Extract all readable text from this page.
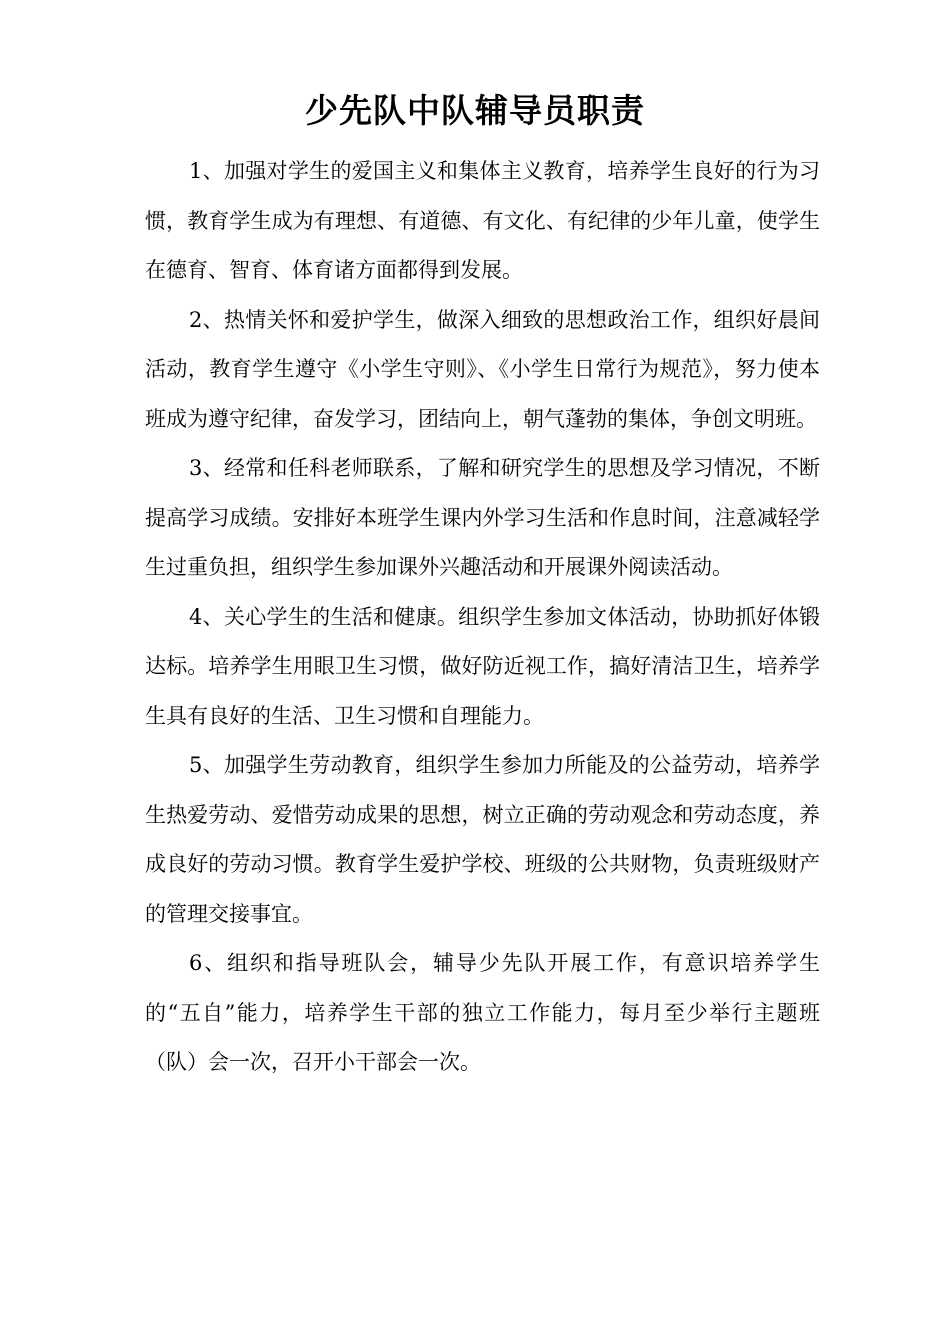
少先队中队辅导员职责

1、加强对学生的爱国主义和集体主义教育，培养学生良好的行为习惯，教育学生成为有理想、有道德、有文化、有纪律的少年儿童，使学生在德育、智育、体育诸方面都得到发展。

2、热情关怀和爱护学生，做深入细致的思想政治工作，组织好晨间活动，教育学生遵守《小学生守则》、《小学生日常行为规范》，努力使本班成为遵守纪律，奋发学习，团结向上，朝气蓬勃的集体，争创文明班。

3、经常和任科老师联系，了解和研究学生的思想及学习情况，不断提高学习成绩。安排好本班学生课内外学习生活和作息时间，注意减轻学生过重负担，组织学生参加课外兴趣活动和开展课外阅读活动。

4、关心学生的生活和健康。组织学生参加文体活动，协助抓好体锻达标。培养学生用眼卫生习惯，做好防近视工作，搞好清洁卫生，培养学生具有良好的生活、卫生习惯和自理能力。

5、加强学生劳动教育，组织学生参加力所能及的公益劳动，培养学生热爱劳动、爱惜劳动成果的思想，树立正确的劳动观念和劳动态度，养成良好的劳动习惯。教育学生爱护学校、班级的公共财物，负责班级财产的管理交接事宜。

6、组织和指导班队会，辅导少先队开展工作，有意识培养学生的“五自”能力，培养学生干部的独立工作能力，每月至少举行主题班（队）会一次，召开小干部会一次。
